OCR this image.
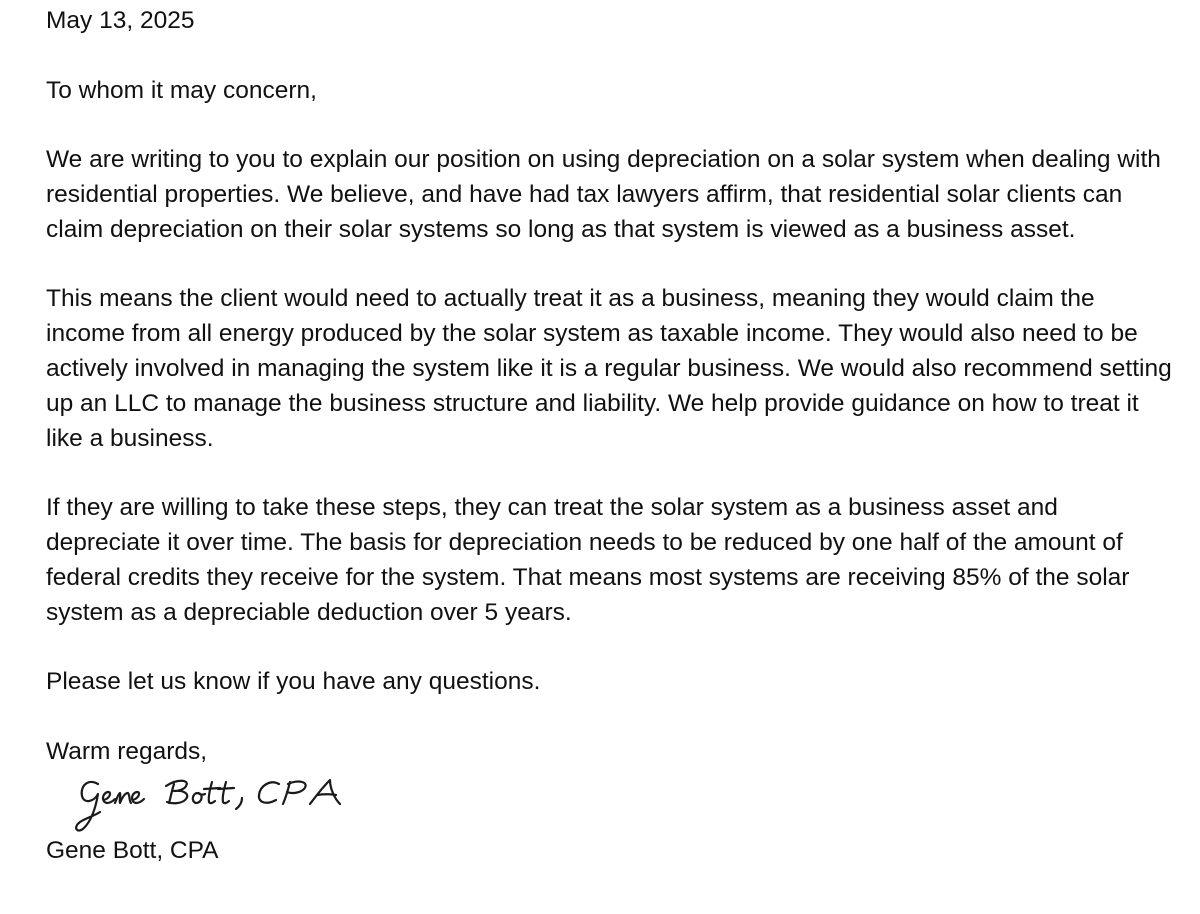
May 13, 2025

To whom it may concern,

We are writing to you to explain our position on using depreciation on a solar system when dealing with residential properties. We believe, and have had tax lawyers affirm, that residential solar clients can claim depreciation on their solar systems so long as that system is viewed as a business asset.

This means the client would need to actually treat it as a business, meaning they would claim the income from all energy produced by the solar system as taxable income. They would also need to be actively involved in managing the system like it is a regular business. We would also recommend setting up an LLC to manage the business structure and liability. We help provide guidance on how to treat it like a business.

If they are willing to take these steps, they can treat the solar system as a business asset and depreciate it over time. The basis for depreciation needs to be reduced by one half of the amount of federal credits they receive for the system. That means most systems are receiving 85% of the solar system as a depreciable deduction over 5 years.

Please let us know if you have any questions.

Warm regards,

Gene Bott, CPA
